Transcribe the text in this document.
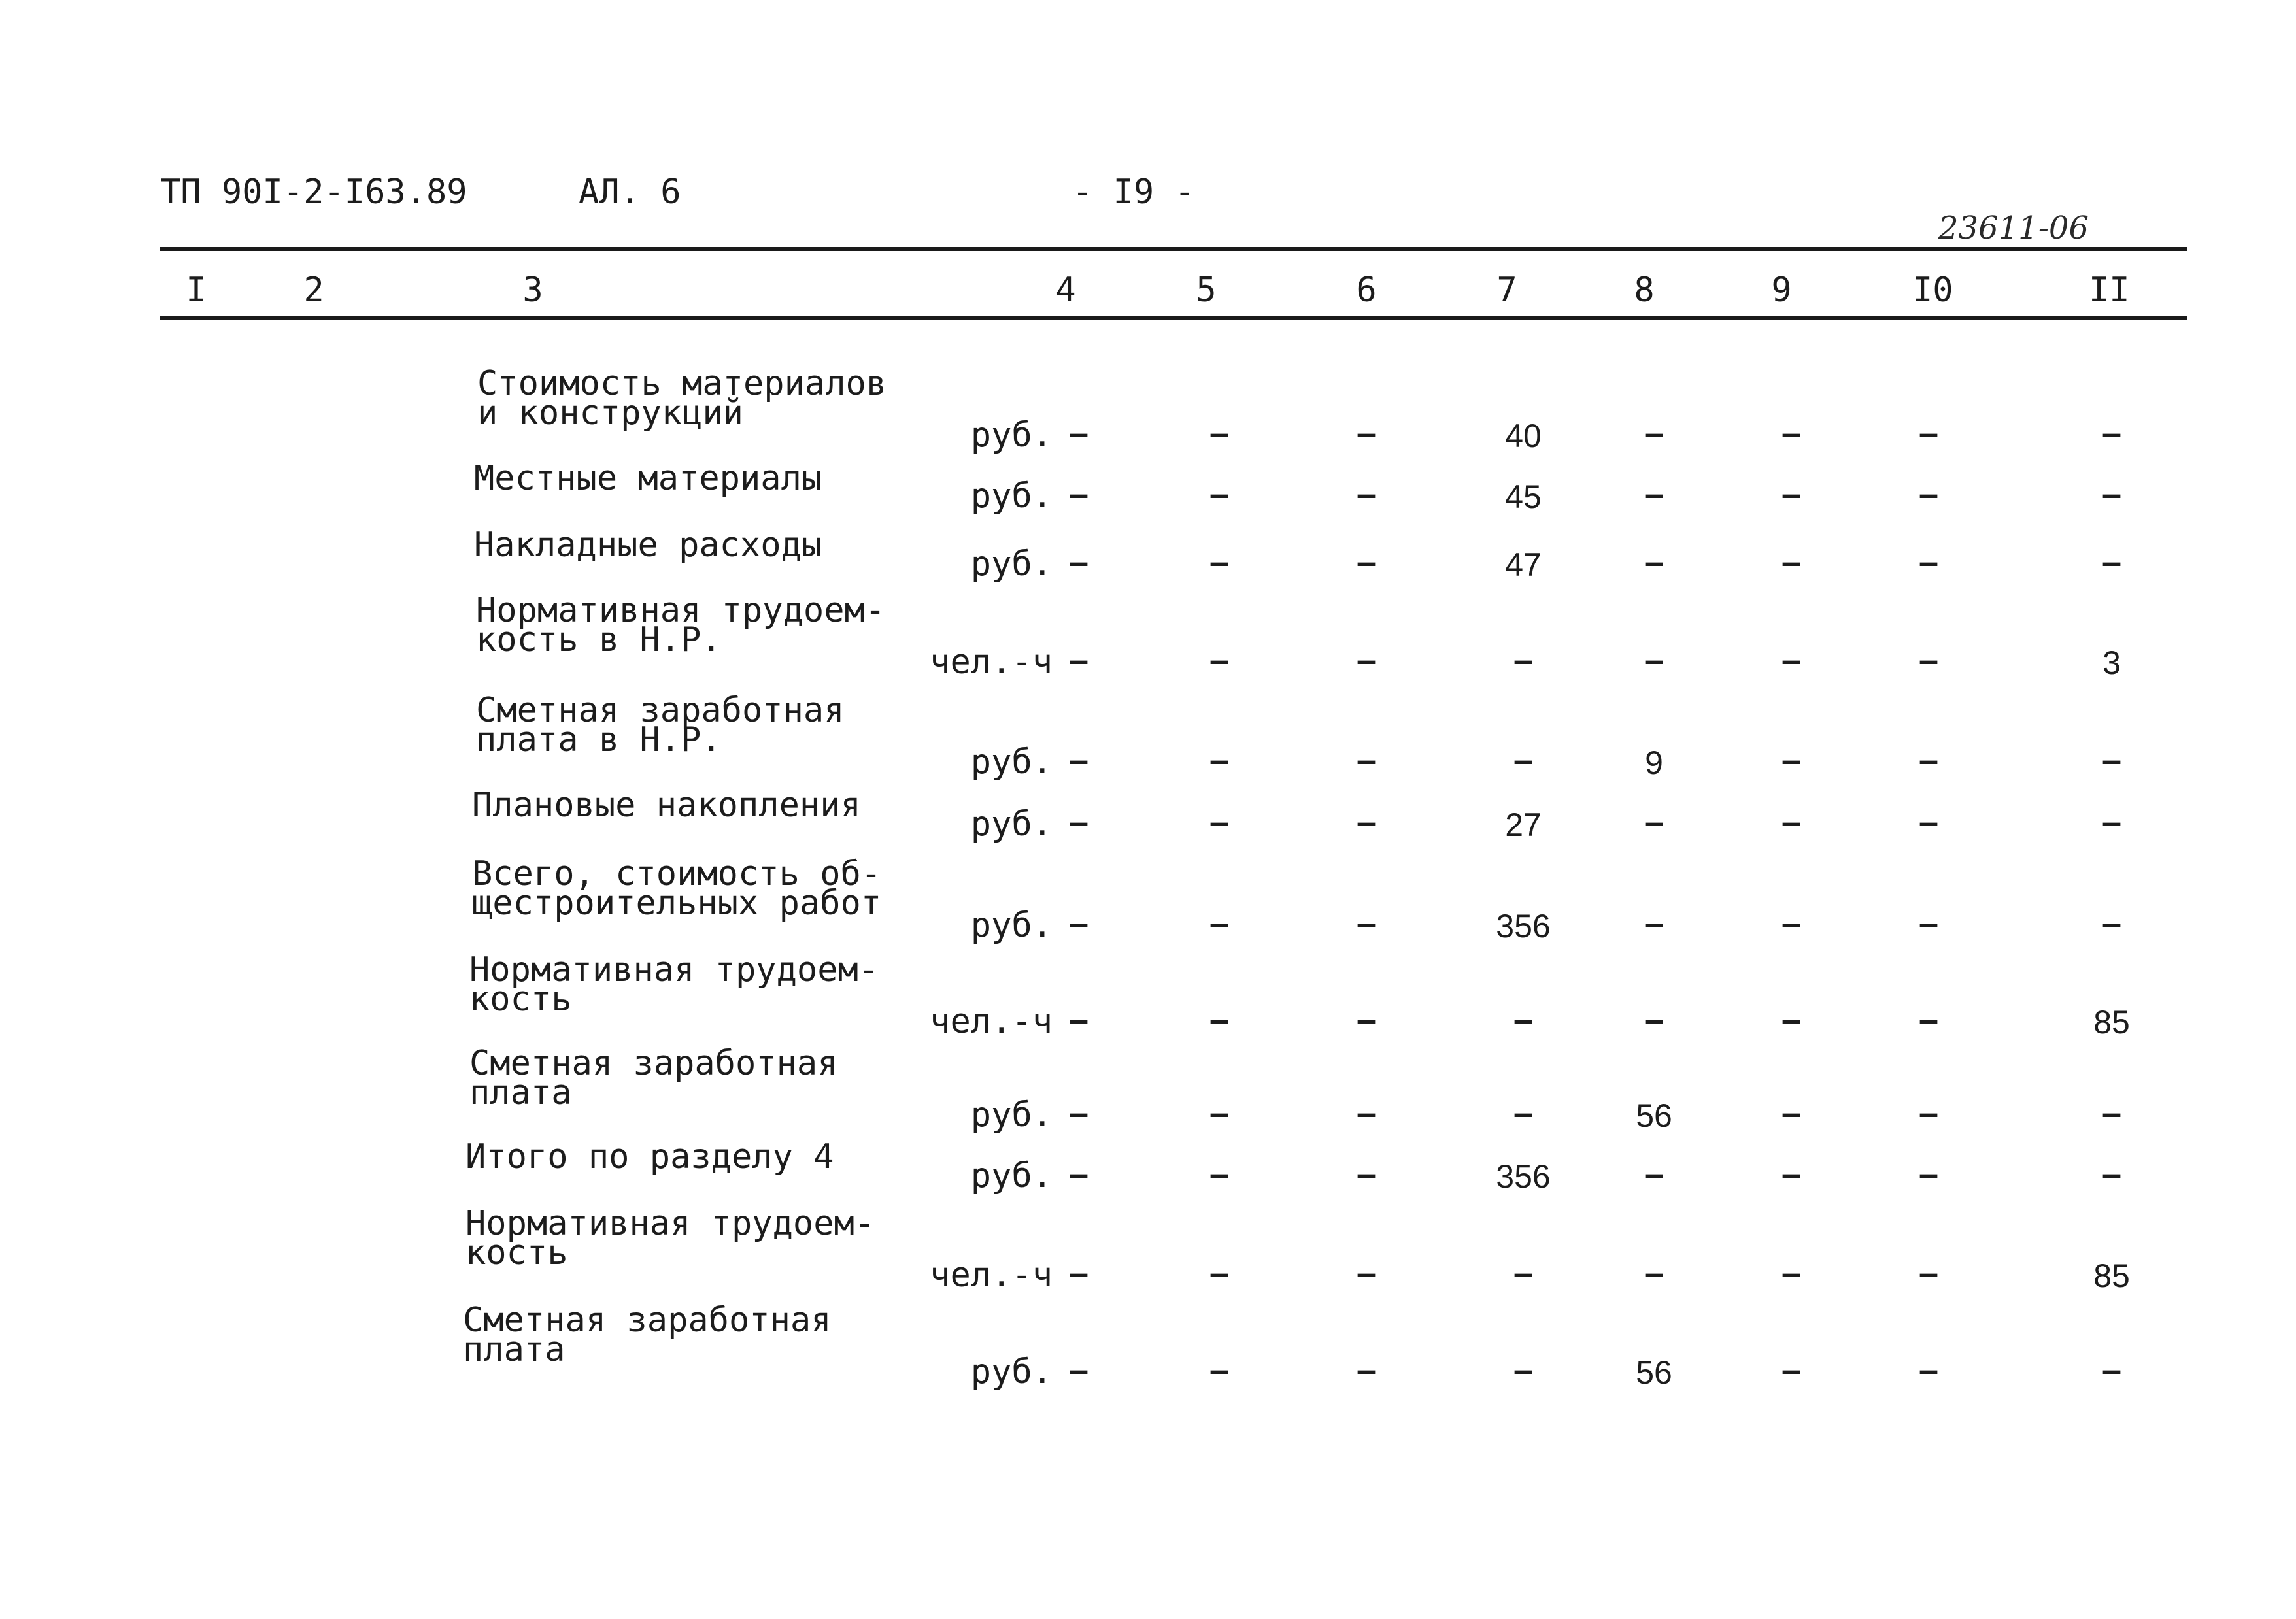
ТП 90I-2-I63.89	АЛ. 6	- I9 -
23611-06
I	2	3	4	5	6	7	8	9	I0	II
Стоимость материалов
и конструкций
руб. –	–	–	40	–	–	–	–
Местные материалы	руб. –	–	–	45	–	–	–	–
Накладные расходы	руб. –	–	–	47	–	–	–	–
Нормативная трудоем-
кость в Н.Р.
чел.-ч –	–	–	–	–	–	–	3
Сметная заработная
плата в Н.Р.
руб. –	–	–	–	9	–	–	–
Плановые накопления	руб. –	–	–	27	–	–	–	–
Всего, стоимость об-
щестроительных работ
руб. –	–	–	356	–	–	–	–
Нормативная трудоем-
кость
чел.-ч –	–	–	–	–	–	–	85
Сметная заработная
плата
руб. –	–	–	–	56	–	–	–
Итого по разделу 4	руб. –	–	–	356	–	–	–	–
Нормативная трудоем-
кость
чел.-ч –	–	–	–	–	–	–	85
Сметная заработная
плата
руб. –	–	–	–	56	–	–	–
